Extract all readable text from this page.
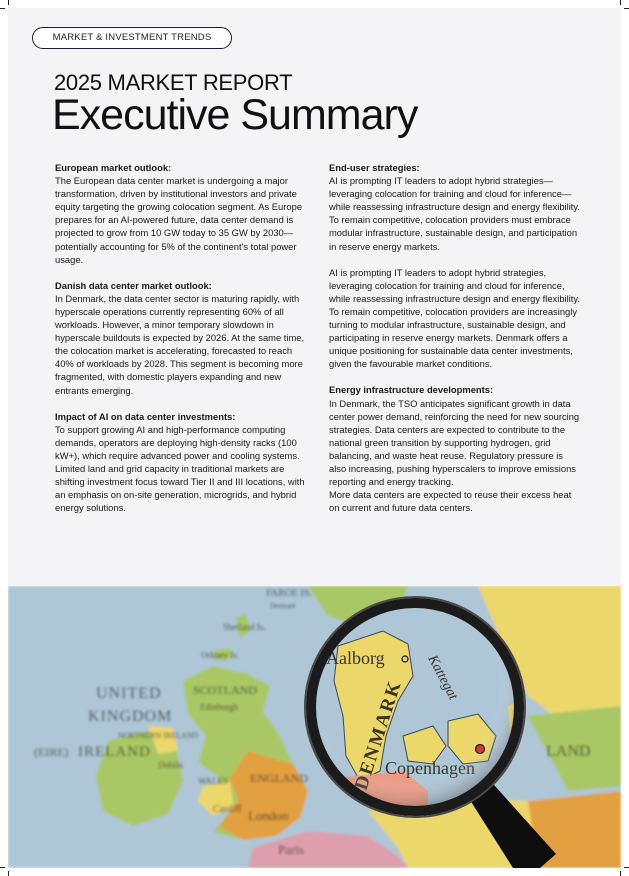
MARKET & INVESTMENT TRENDS
2025 MARKET REPORT
Executive Summary
European market outlook:

The European data center market is undergoing a major transformation, driven by institutional investors and private equity targeting the growing colocation segment. As Europe prepares for an AI-powered future, data center demand is projected to grow from 10 GW today to 35 GW by 2030—potentially accounting for 5% of the continent's total power usage.

Danish data center market outlook:

In Denmark, the data center sector is maturing rapidly, with hyperscale operations currently representing 60% of all workloads. However, a minor temporary slowdown in hyperscale buildouts is expected by 2026. At the same time, the colocation market is accelerating, forecasted to reach 40% of workloads by 2028. This segment is becoming more fragmented, with domestic players expanding and new entrants emerging.

Impact of AI on data center investments:

To support growing AI and high-performance computing demands, operators are deploying high-density racks (100 kW+), which require advanced power and cooling systems. Limited land and grid capacity in traditional markets are shifting investment focus toward Tier II and III locations, with an emphasis on on-site generation, microgrids, and hybrid energy solutions.

End-user strategies:

AI is prompting IT leaders to adopt hybrid strategies—leveraging colocation for training and cloud for inference—while reassessing infrastructure design and energy flexibility. To remain competitive, colocation providers must embrace modular infrastructure, sustainable design, and participation in reserve energy markets.

AI is prompting IT leaders to adopt hybrid strategies, leveraging colocation for training and cloud for inference, while reassessing infrastructure design and energy flexibility. To remain competitive, colocation providers are increasingly turning to modular infrastructure, sustainable design, and participating in reserve energy markets. Denmark offers a unique positioning for sustainable data center investments, given the favourable market conditions.

Energy infrastructure developments:

In Denmark, the TSO anticipates significant growth in data center power demand, reinforcing the need for new sourcing strategies. Data centers are expected to contribute to the national green transition by supporting hydrogen, grid balancing, and waste heat reuse. Regulatory pressure is also increasing, pushing hyperscalers to improve emissions reporting and energy tracking.

More data centers are expected to reuse their excess heat on current and future data centers.

FAROE IS.
Denmark
Shetland Is.
Orkney Is.
UNITED
KINGDOM
SCOTLAND
Edinburgh
NORTHERN IRELAND
(EIRE) IRELAND
Dublin
WALES ENGLAND
Cardiff London
Paris
LAND
